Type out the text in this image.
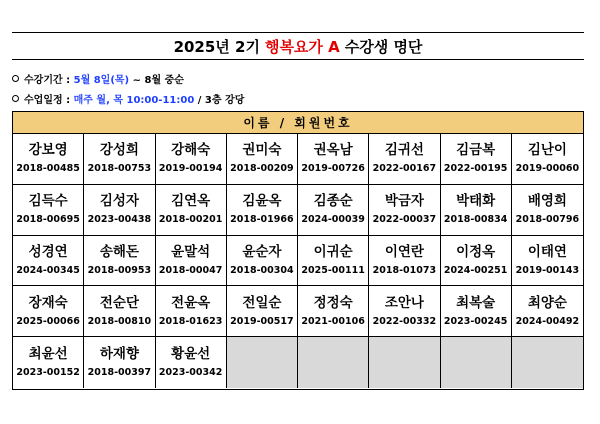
2025년 2기 행복요가 A 수강생 명단
수강기간 :
5월 8일(목)
~ 8월 중순
수업일정 :
매주 월, 목 10:00-11:00
/ 3층 강당
이름 / 회원번호
강보영
2018-00485
강성희
2018-00753
강해숙
2019-00194
권미숙
2018-00209
권옥남
2019-00726
김귀선
2022-00167
김금복
2022-00195
김난이
2019-00060
김득수
2018-00695
김성자
2023-00438
김연옥
2018-00201
김윤옥
2018-01966
김종순
2024-00039
박금자
2022-00037
박태화
2018-00834
배영희
2018-00796
성경연
2024-00345
송해돈
2018-00953
윤말석
2018-00047
윤순자
2018-00304
이귀순
2025-00111
이연란
2018-01073
이정옥
2024-00251
이태연
2019-00143
장재숙
2025-00066
전순단
2018-00810
전윤옥
2018-01623
전일순
2019-00517
정정숙
2021-00106
조안나
2022-00332
최복술
2023-00245
최양순
2024-00492
최윤선
2023-00152
하재향
2018-00397
황윤선
2023-00342
